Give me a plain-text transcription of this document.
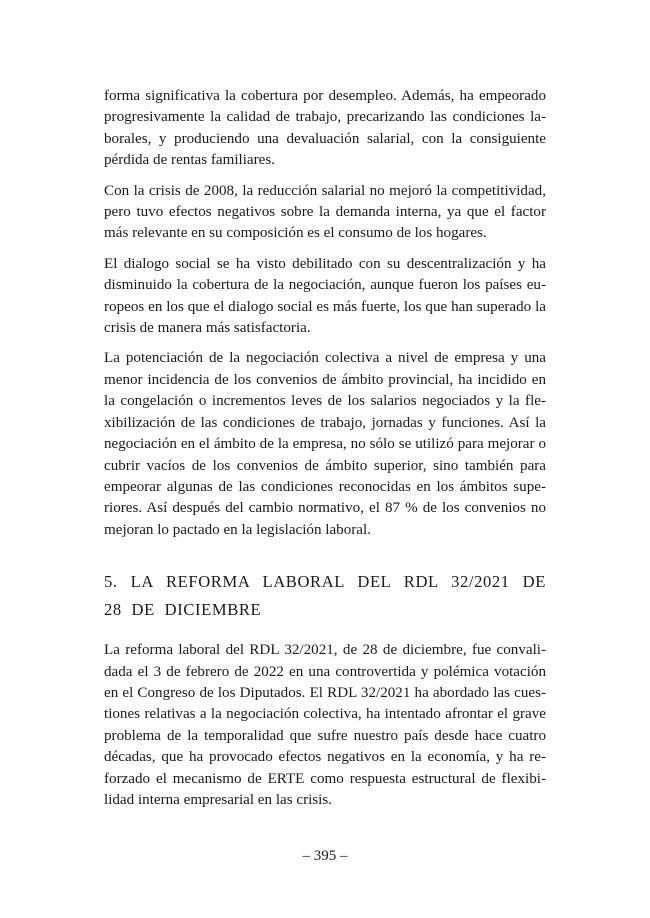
forma significativa la cobertura por desempleo. Además, ha empeorado progresivamente la calidad de trabajo, precarizando las condiciones laborales, y produciendo una devaluación salarial, con la consiguiente pérdida de rentas familiares.

Con la crisis de 2008, la reducción salarial no mejoró la competitividad, pero tuvo efectos negativos sobre la demanda interna, ya que el factor más relevante en su composición es el consumo de los hogares.

El dialogo social se ha visto debilitado con su descentralización y ha disminuido la cobertura de la negociación, aunque fueron los países europeos en los que el dialogo social es más fuerte, los que han superado la crisis de manera más satisfactoria.

La potenciación de la negociación colectiva a nivel de empresa y una menor incidencia de los convenios de ámbito provincial, ha incidido en la congelación o incrementos leves de los salarios negociados y la flexibilización de las condiciones de trabajo, jornadas y funciones. Así la negociación en el ámbito de la empresa, no sólo se utilizó para mejorar o cubrir vacíos de los convenios de ámbito superior, sino también para empeorar algunas de las condiciones reconocidas en los ámbitos superiores. Así después del cambio normativo, el 87 % de los convenios no mejoran lo pactado en la legislación laboral.

5. LA REFORMA LABORAL DEL RDL 32/2021 DE 28 DE DICIEMBRE

La reforma laboral del RDL 32/2021, de 28 de diciembre, fue convalidada el 3 de febrero de 2022 en una controvertida y polémica votación en el Congreso de los Diputados. El RDL 32/2021 ha abordado las cuestiones relativas a la negociación colectiva, ha intentado afrontar el grave problema de la temporalidad que sufre nuestro país desde hace cuatro décadas, que ha provocado efectos negativos en la economía, y ha reforzado el mecanismo de ERTE como respuesta estructural de flexibilidad interna empresarial en las crisis.

– 395 –
